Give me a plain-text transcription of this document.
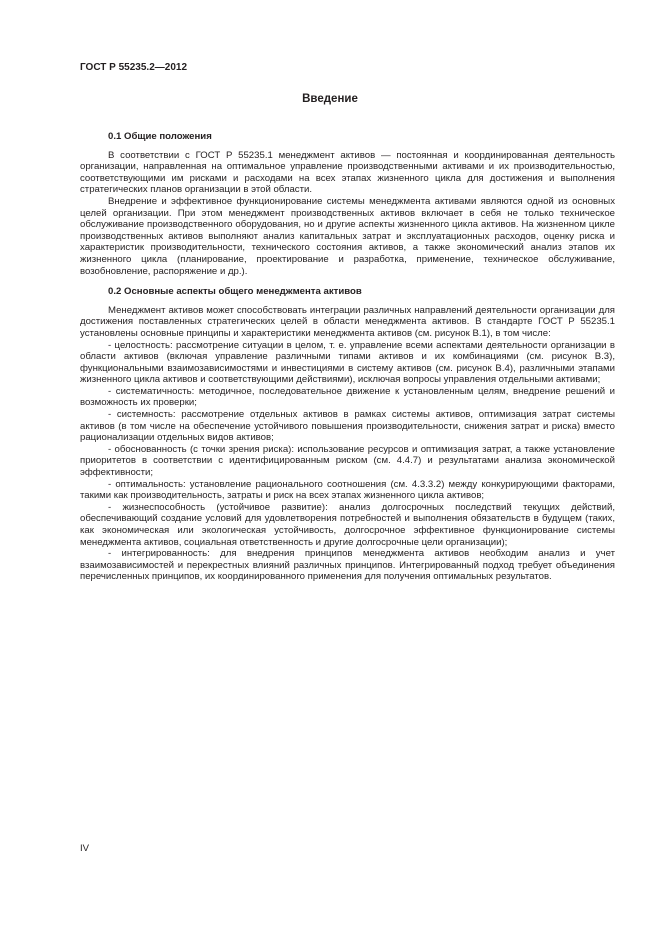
ГОСТ Р 55235.2—2012
Введение
0.1 Общие положения

В соответствии с ГОСТ Р 55235.1 менеджмент активов — постоянная и координированная деятельность организации, направленная на оптимальное управление производственными активами и их производительностью, соответствующими им рисками и расходами на всех этапах жизненного цикла для достижения и выполнения стратегических планов организации в этой области.

Внедрение и эффективное функционирование системы менеджмента активами являются одной из основных целей организации. При этом менеджмент производственных активов включает в себя не только техническое обслуживание производственного оборудования, но и другие аспекты жизненного цикла активов. На жизненном цикле производственных активов выполняют анализ капитальных затрат и эксплуатационных расходов, оценку риска и характеристик производительности, технического состояния активов, а также экономический анализ этапов их жизненного цикла (планирование, проектирование и разработка, применение, техническое обслуживание, возобновление, распоряжение и др.).

0.2 Основные аспекты общего менеджмента активов

Менеджмент активов может способствовать интеграции различных направлений деятельности организации для достижения поставленных стратегических целей в области менеджмента активов. В стандарте ГОСТ Р 55235.1 установлены основные принципы и характеристики менеджмента активов (см. рисунок В.1), в том числе:

- целостность: рассмотрение ситуации в целом, т. е. управление всеми аспектами деятельности организации в области активов (включая управление различными типами активов и их комбинациями (см. рисунок В.3), функциональными взаимозависимостями и инвестициями в систему активов (см. рисунок В.4), различными этапами жизненного цикла активов и соответствующими действиями), исключая вопросы управления отдельными активами;

- систематичность: методичное, последовательное движение к установленным целям, внедрение решений и возможность их проверки;

- системность: рассмотрение отдельных активов в рамках системы активов, оптимизация затрат системы активов (в том числе на обеспечение устойчивого повышения производительности, снижения затрат и риска) вместо рационализации отдельных видов активов;

- обоснованность (с точки зрения риска): использование ресурсов и оптимизация затрат, а также установление приоритетов в соответствии с идентифицированным риском (см. 4.4.7) и результатами анализа экономической эффективности;

- оптимальность: установление рационального соотношения (см. 4.3.3.2) между конкурирующими факторами, такими как производительность, затраты и риск на всех этапах жизненного цикла активов;

- жизнеспособность (устойчивое развитие): анализ долгосрочных последствий текущих действий, обеспечивающий создание условий для удовлетворения потребностей и выполнения обязательств в будущем (таких, как экономическая или экологическая устойчивость, долгосрочное эффективное функционирование системы менеджмента активов, социальная ответственность и другие долгосрочные цели организации);

- интегрированность: для внедрения принципов менеджмента активов необходим анализ и учет взаимозависимостей и перекрестных влияний различных принципов. Интегрированный подход требует объединения перечисленных принципов, их координированного применения для получения оптимальных результатов.

IV
